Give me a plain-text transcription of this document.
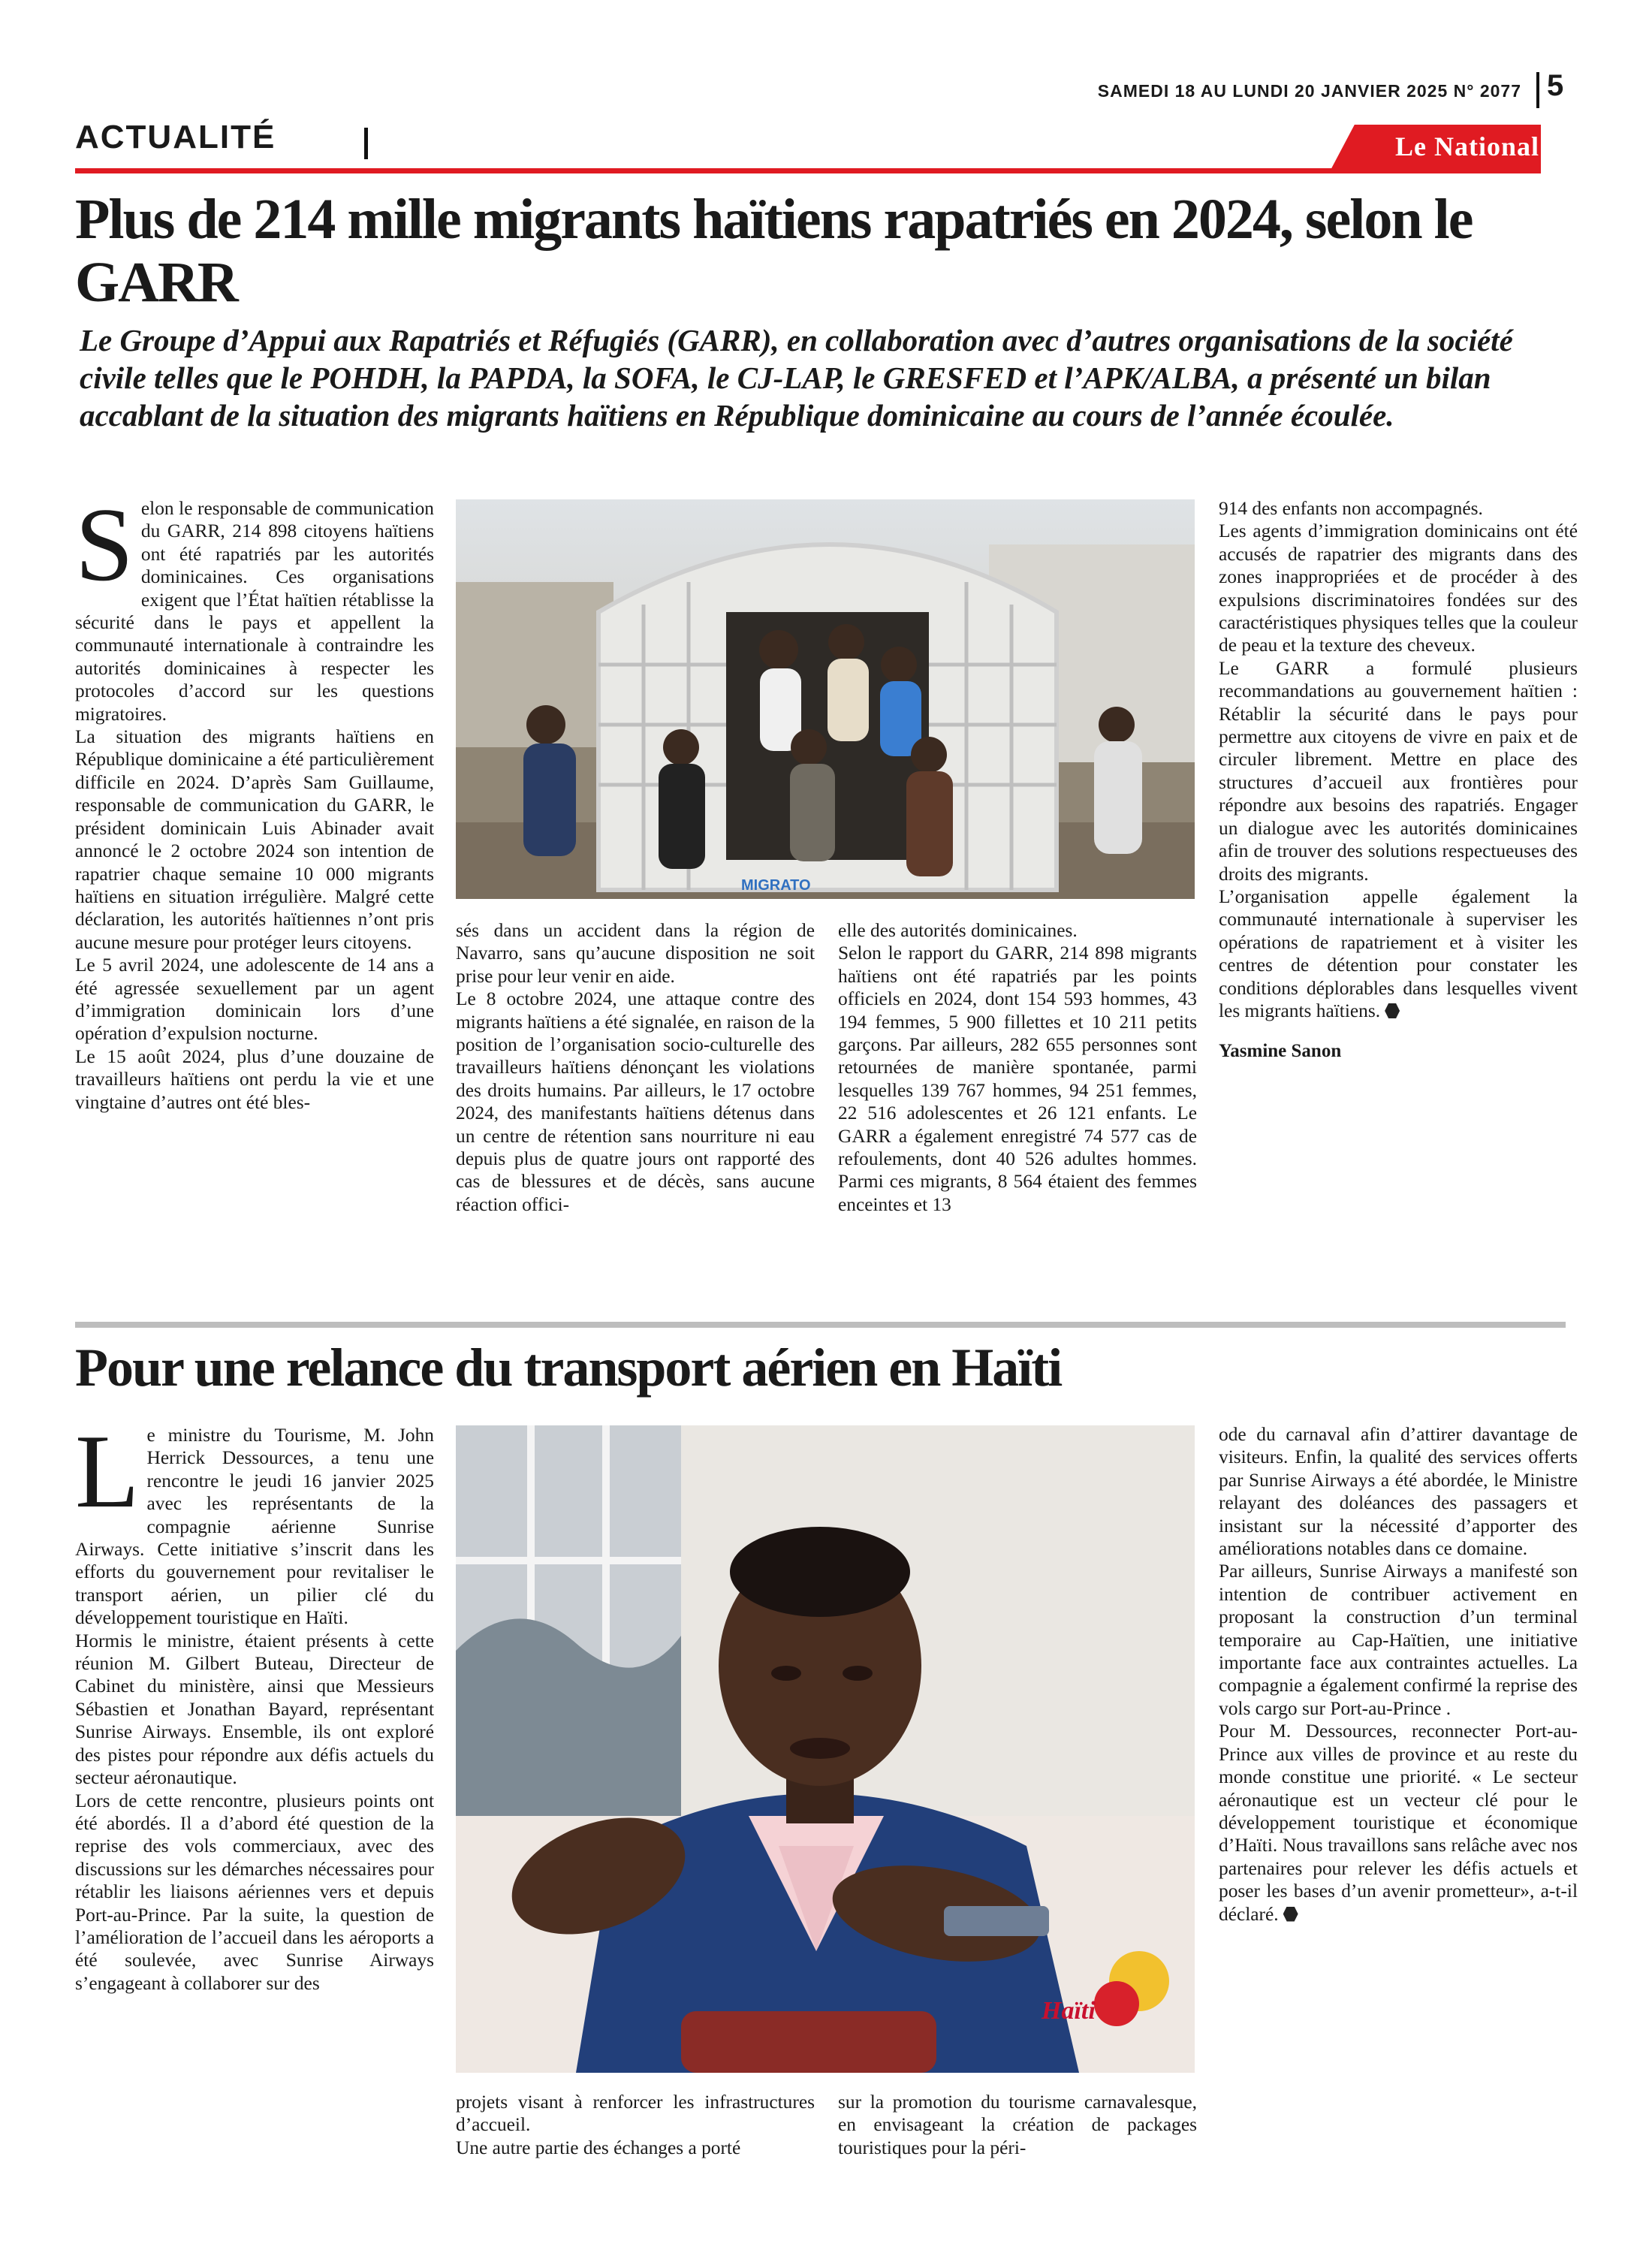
SAMEDI 18 AU LUNDI 20 JANVIER 2025 N° 2077 5
ACTUALITÉ	Le National
Plus de 214 mille migrants haïtiens rapatriés en 2024, selon le GARR
Le Groupe d’Appui aux Rapatriés et Réfugiés (GARR), en collaboration avec d’autres organisations de la société civile telles que le POHDH, la PAPDA, la SOFA, le CJ-LAP, le GRESFED et l’APK/ALBA, a présenté un bilan accablant de la situation des migrants haïtiens en République dominicaine au cours de l’année écoulée.

Selon le responsable de communication du GARR, 214 898 citoyens haïtiens ont été rapatriés par les autorités dominicaines. Ces organisations exigent que l’État haïtien rétablisse la sécurité dans le pays et appellent la communauté internationale à contraindre les autorités dominicaines à respecter les protocoles d’accord sur les questions migratoires.

La situation des migrants haïtiens en République dominicaine a été particulièrement difficile en 2024. D’après Sam Guillaume, responsable de communication du GARR, le président dominicain Luis Abinader avait annoncé le 2 octobre 2024 son intention de rapatrier chaque semaine 10 000 migrants haïtiens en situation irrégulière. Malgré cette déclaration, les autorités haïtiennes n’ont pris aucune mesure pour protéger leurs citoyens.

Le 5 avril 2024, une adolescente de 14 ans a été agressée sexuellement par un agent d’immigration dominicain lors d’une opération d’expulsion nocturne.

Le 15 août 2024, plus d’une douzaine de travailleurs haïtiens ont perdu la vie et une vingtaine d’autres ont été bles-

MIGRATO

sés dans un accident dans la région de Navarro, sans qu’aucune disposition ne soit prise pour leur venir en aide.

Le 8 octobre 2024, une attaque contre des migrants haïtiens a été signalée, en raison de la position de l’organisation socio-culturelle des travailleurs haïtiens dénonçant les violations des droits humains. Par ailleurs, le 17 octobre 2024, des manifestants haïtiens détenus dans un centre de rétention sans nourriture ni eau depuis plus de quatre jours ont rapporté des cas de blessures et de décès, sans aucune réaction offici-

elle des autorités dominicaines.

Selon le rapport du GARR, 214 898 migrants haïtiens ont été rapatriés par les points officiels en 2024, dont 154 593 hommes, 43 194 femmes, 5 900 fillettes et 10 211 petits garçons. Par ailleurs, 282 655 personnes sont retournées de manière spontanée, parmi lesquelles 139 767 hommes, 94 251 femmes, 22 516 adolescentes et 26 121 enfants. Le GARR a également enregistré 74 577 cas de refoulements, dont 40 526 adultes hommes. Parmi ces migrants, 8 564 étaient des femmes enceintes et 13

914 des enfants non accompagnés.

Les agents d’immigration dominicains ont été accusés de rapatrier des migrants dans des zones inappropriées et de procéder à des expulsions discriminatoires fondées sur des caractéristiques physiques telles que la couleur de peau et la texture des cheveux.

Le GARR a formulé plusieurs recommandations au gouvernement haïtien : Rétablir la sécurité dans le pays pour permettre aux citoyens de vivre en paix et de circuler librement. Mettre en place des structures d’accueil aux frontières pour répondre aux besoins des rapatriés. Engager un dialogue avec les autorités dominicaines afin de trouver des solutions respectueuses des droits des migrants.

L’organisation appelle également la communauté internationale à superviser les opérations de rapatriement et à visiter les centres de détention pour constater les conditions déplorables dans lesquelles vivent les migrants haïtiens.

Yasmine Sanon

Pour une relance du transport aérien en Haïti

Le ministre du Tourisme, M. John Herrick Dessources, a tenu une rencontre le jeudi 16 janvier 2025 avec les représentants de la compagnie aérienne Sunrise Airways. Cette initiative s’inscrit dans les efforts du gouvernement pour revitaliser le transport aérien, un pilier clé du développement touristique en Haïti.

Hormis le ministre, étaient présents à cette réunion M. Gilbert Buteau, Directeur de Cabinet du ministère, ainsi que Messieurs Sébastien et Jonathan Bayard, représentant Sunrise Airways. Ensemble, ils ont exploré des pistes pour répondre aux défis actuels du secteur aéronautique.

Lors de cette rencontre, plusieurs points ont été abordés. Il a d’abord été question de la reprise des vols commerciaux, avec des discussions sur les démarches nécessaires pour rétablir les liaisons aériennes vers et depuis Port-au-Prince. Par la suite, la question de l’amélioration de l’accueil dans les aéroports a été soulevée, avec Sunrise Airways s’engageant à collaborer sur des

Haïti

projets visant à renforcer les infrastructures d’accueil.

Une autre partie des échanges a porté

sur la promotion du tourisme carnavalesque, en envisageant la création de packages touristiques pour la péri-

ode du carnaval afin d’attirer davantage de visiteurs. Enfin, la qualité des services offerts par Sunrise Airways a été abordée, le Ministre relayant des doléances des passagers et insistant sur la nécessité d’apporter des améliorations notables dans ce domaine.

Par ailleurs, Sunrise Airways a manifesté son intention de contribuer activement en proposant la construction d’un terminal temporaire au Cap-Haïtien, une initiative importante face aux contraintes actuelles. La compagnie a également confirmé la reprise des vols cargo sur Port-au-Prince .

Pour M. Dessources, reconnecter Port-au-Prince aux villes de province et au reste du monde constitue une priorité. « Le secteur aéronautique est un vecteur clé pour le développement touristique et économique d’Haïti. Nous travaillons sans relâche avec nos partenaires pour relever les défis actuels et poser les bases d’un avenir prometteur», a-t-il déclaré.
